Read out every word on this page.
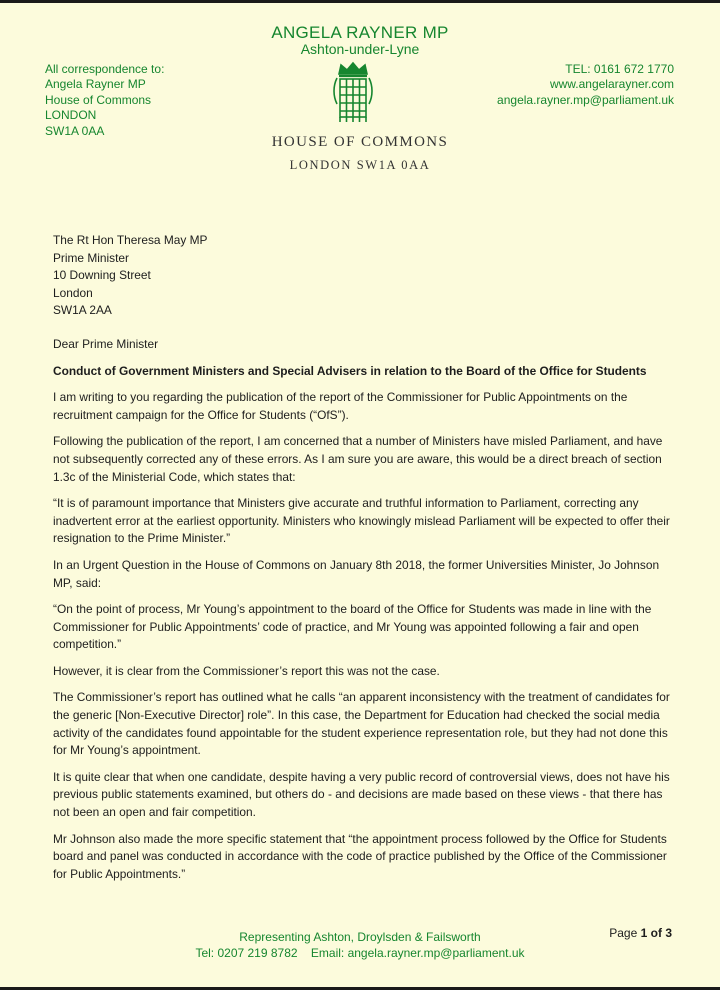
ANGELA RAYNER MP
Ashton-under-Lyne
All correspondence to:
Angela Rayner MP
House of Commons
LONDON
SW1A 0AA
TEL: 0161 672 1770
www.angelarayner.com
angela.rayner.mp@parliament.uk
HOUSE OF COMMONS
LONDON SW1A 0AA
The Rt Hon Theresa May MP
Prime Minister
10 Downing Street
London
SW1A 2AA

Dear Prime Minister

Conduct of Government Ministers and Special Advisers in relation to the Board of the Office for Students

I am writing to you regarding the publication of the report of the Commissioner for Public Appointments on the recruitment campaign for the Office for Students (“OfS”).

Following the publication of the report, I am concerned that a number of Ministers have misled Parliament, and have not subsequently corrected any of these errors. As I am sure you are aware, this would be a direct breach of section 1.3c of the Ministerial Code, which states that:

“It is of paramount importance that Ministers give accurate and truthful information to Parliament, correcting any inadvertent error at the earliest opportunity. Ministers who knowingly mislead Parliament will be expected to offer their resignation to the Prime Minister.”

In an Urgent Question in the House of Commons on January 8th 2018, the former Universities Minister, Jo Johnson MP, said:

“On the point of process, Mr Young’s appointment to the board of the Office for Students was made in line with the Commissioner for Public Appointments’ code of practice, and Mr Young was appointed following a fair and open competition.”

However, it is clear from the Commissioner’s report this was not the case.

The Commissioner’s report has outlined what he calls “an apparent inconsistency with the treatment of candidates for the generic [Non-Executive Director] role”. In this case, the Department for Education had checked the social media activity of the candidates found appointable for the student experience representation role, but they had not done this for Mr Young’s appointment.

It is quite clear that when one candidate, despite having a very public record of controversial views, does not have his previous public statements examined, but others do - and decisions are made based on these views - that there has not been an open and fair competition.

Mr Johnson also made the more specific statement that “the appointment process followed by the Office for Students board and panel was conducted in accordance with the code of practice published by the Office of the Commissioner for Public Appointments.”

Representing Ashton, Droylsden & Failsworth
Tel: 0207 219 8782 Email: angela.rayner.mp@parliament.uk
Page 1 of 3
